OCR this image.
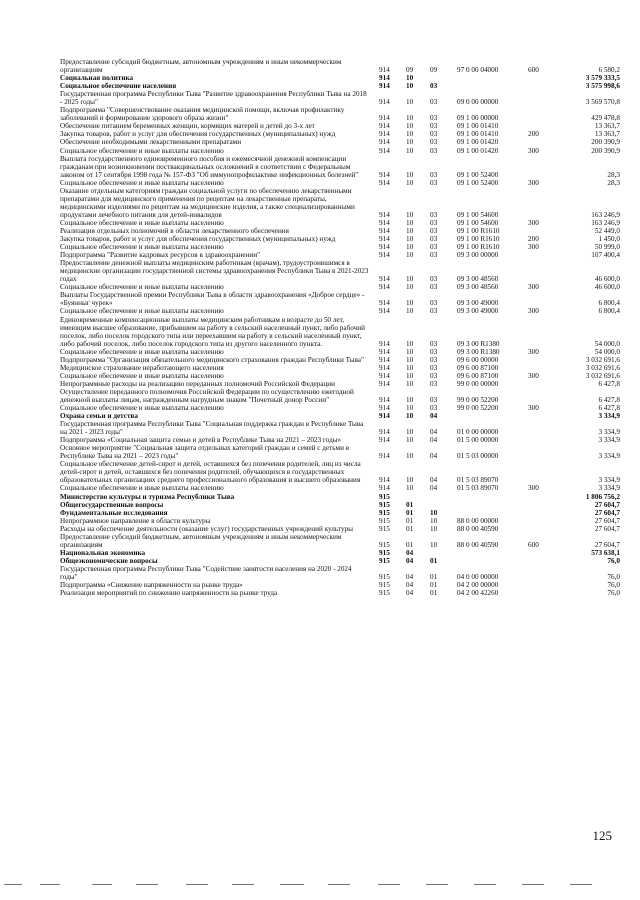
Предоставление субсидий бюджетным, автономным учреждениям и иным некоммерческим организациям	914 09 09	97 0 00 04000	600	6 580,2
Социальная политика	914 10	3 579 333,5
Социальное обеспечение населения	914 10 03	3 575 998,6
Государственная программа Республики Тыва "Развитие здравоохранения Республики Тыва на 2018 - 2025 годы"	914 10 03	09 0 00 00000	3 569 570,8
Подпрограмма "Совершенствование оказания медицинской помощи, включая профилактику заболеваний и формирование здорового образа жизни"	914 10 03	09 1 00 00000	429 478,8
Обеспечение питанием беременных женщин, кормящих матерей и детей до 3-х лет	914 10 03	09 1 00 01410	13 363,7
Закупка товаров, работ и услуг для обеспечения государственных (муниципальных) нужд	914 10 03	09 1 00 01410	200	13 363,7
Обеспечение необходимыми лекарственными препаратами	914 10 03	09 1 00 01420	200 390,9
Социальное обеспечение и иные выплаты населению	914 10 03	09 1 00 01420	300	200 390,9
Выплата государственного единовременного пособия и ежемесячной денежной компенсации гражданам при возникновении поствакцинальных осложнений в соответствии с Федеральным законом от 17 сентября 1998 года № 157-ФЗ "Об иммунопрофилактике инфекционных болезней"	914 10 03	09 1 00 52400	28,3
Социальное обеспечение и иные выплаты населению	914 10 03	09 1 00 52400	300	28,3
Оказание отдельным категориям граждан социальной услуги по обеспечению лекарственными препаратами для медицинского применения по рецептам на лекарственные препараты, медицинскими изделиями по рецептам на медицинские изделия, а также специализированными продуктами лечебного питания для детей-инвалидов	914 10 03	09 1 00 54600	163 246,9
Социальное обеспечение и иные выплаты населению	914 10 03	09 1 00 54600	300	163 246,9
Реализация отдельных полномочий в области лекарственного обеспечения	914 10 03	09 1 00 R1610	52 449,0
Закупка товаров, работ и услуг для обеспечения государственных (муниципальных) нужд	914 10 03	09 1 00 R1610	200	1 450,0
Социальное обеспечение и иные выплаты населению	914 10 03	09 1 00 R1610	300	50 999,0
Подпрограмма "Развитие кадровых ресурсов в здравоохранении"	914 10 03	09 3 00 00000	107 400,4
Предоставление денежной выплаты медицинским работникам (врачам), трудоустроившимся в медицинские организации государственной системы здравоохранения Республики Тыва в 2021-2023 годах	914 10 03	09 3 00 48560	46 600,0
Социальное обеспечение и иные выплаты населению	914 10 03	09 3 00 48560	300	46 600,0
Выплаты Государственной премии Республики Тыва в области здравоохранения «Доброе сердце» - «Буянныг чурек»	914 10 03	09 3 00 49000	6 800,4
Социальное обеспечение и иные выплаты населению	914 10 03	09 3 00 49000	300	6 800,4
Единовременные компенсационные выплаты медицинским работникам в возрасте до 50 лет, имеющим высшее образование, прибывшим на работу в сельский населенный пункт, либо рабочий поселок, либо поселок городского типа или переехавшим на работу в сельский населенный пункт, либо рабочий поселок, либо поселок городского типа из другого населенного пункта.	914 10 03	09 3 00 R1380	54 000,0
Социальное обеспечение и иные выплаты населению	914 10 03	09 3 00 R1380	300	54 000,0
Подпрограмма "Организация обязательного медицинского страхования граждан Республики Тыва"	914 10 03	09 6 00 00000	3 032 691,6
Медицинское страхование неработающего населения	914 10 03	09 6 00 87100	3 032 691,6
Социальное обеспечение и иные выплаты населению	914 10 03	09 6 00 87100	300	3 032 691,6
Непрограммные расходы на реализацию переданных полномочий Российской Федерации	914 10 03	99 0 00 00000	6 427,8
Осуществление переданного полномочия Российской Федерации по осуществлению ежегодной денежной выплаты лицам, награжденным нагрудным знаком "Почетный донор России"	914 10 03	99 0 00 52200	6 427,8
Социальное обеспечение и иные выплаты населению	914 10 03	99 0 00 52200	300	6 427,8
Охрана семьи и детства	914 10 04	3 334,9
Государственная программа Республики Тыва "Социальная поддержка граждан в Республике Тыва на 2021 - 2023 годы"	914 10 04	01 0 00 00000	3 334,9
Подпрограмма «Социальная защита семьи и детей в Республике Тыва на 2021 – 2023 годы»	914 10 04	01 5 00 00000	3 334,9
Основное мероприятие "Социальная защита отдельных категорий граждан и семей с детьми в Республике Тыва на 2021 – 2023 годы"	914 10 04	01 5 03 00000	3 334,9
Социальное обеспечение детей-сирот и детей, оставшихся без попечения родителей, лиц из числа детей-сирот и детей, оставшихся без попечения родителей, обучающихся в государственных образовательных организациях среднего профессионального образования и высшего образования	914 10 04	01 5 03 89070	3 334,9
Социальное обеспечение и иные выплаты населению	914 10 04	01 5 03 89070	300	3 334,9
Министерство культуры и туризма Республики Тыва	915	1 806 756,2
Общегосударственные вопросы	915 01	27 604,7
Фундаментальные исследования	915 01 10	27 604,7
Непрограммное направление в области культуры	915 01 10	88 0 00 00000	27 604,7
Расходы на обеспечение деятельности (оказание услуг) государственных учреждений культуры	915 01 10	88 0 00 40590	27 604,7
Предоставление субсидий бюджетным, автономным учреждениям и иным некоммерческим организациям	915 01 10	88 0 00 40590	600	27 604,7
Национальная экономика	915 04	573 638,1
Общеэкономические вопросы	915 04 01	76,0
Государственная программа Республики Тыва "Содействие занятости населения на 2020 - 2024 годы"	915 04 01	04 0 00 00000	76,0
Подпрограмма «Снижение напряженности на рынке труда»	915 04 01	04 2 00 00000	76,0
Реализация мероприятий по снижению напряженности на рынке труда	915 04 01	04 2 00 42260	76,0
125
